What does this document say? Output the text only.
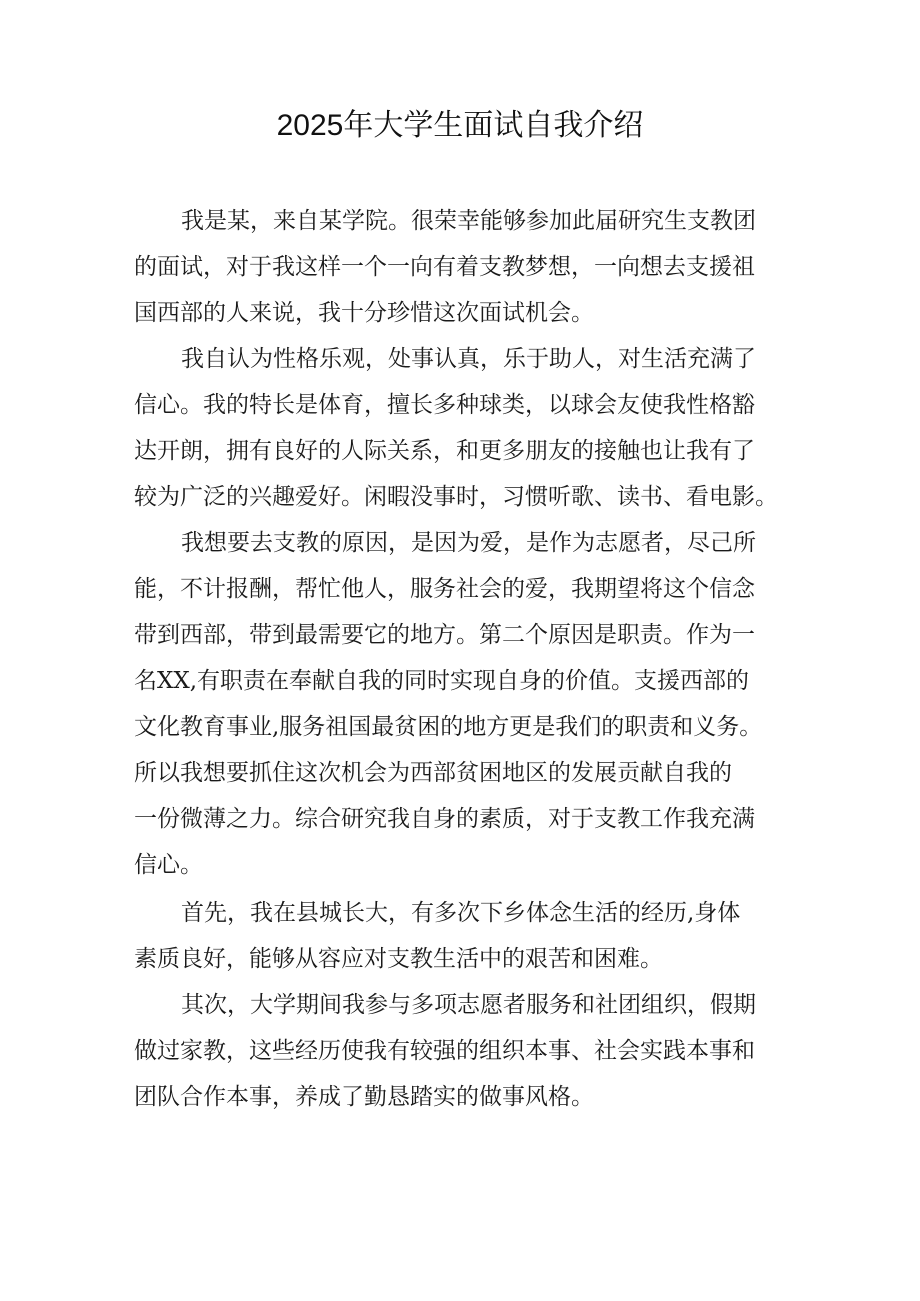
2025年大学生面试自我介绍
我是某，来自某学院。很荣幸能够参加此届研究生支教团
的面试，对于我这样一个一向有着支教梦想，一向想去支援祖
国西部的人来说，我十分珍惜这次面试机会。
我自认为性格乐观，处事认真，乐于助人，对生活充满了
信心。我的特长是体育，擅长多种球类，以球会友使我性格豁
达开朗，拥有良好的人际关系，和更多朋友的接触也让我有了
较为广泛的兴趣爱好。闲暇没事时，习惯听歌、读书、看电影。
我想要去支教的原因，是因为爱，是作为志愿者，尽己所
能，不计报酬，帮忙他人，服务社会的爱，我期望将这个信念
带到西部，带到最需要它的地方。第二个原因是职责。作为一
名XX,有职责在奉献自我的同时实现自身的价值。支援西部的
文化教育事业,服务祖国最贫困的地方更是我们的职责和义务。
所以我想要抓住这次机会为西部贫困地区的发展贡献自我的
一份微薄之力。综合研究我自身的素质，对于支教工作我充满
信心。
首先，我在县城长大，有多次下乡体念生活的经历,身体
素质良好，能够从容应对支教生活中的艰苦和困难。
其次，大学期间我参与多项志愿者服务和社团组织，假期
做过家教，这些经历使我有较强的组织本事、社会实践本事和
团队合作本事，养成了勤恳踏实的做事风格。
